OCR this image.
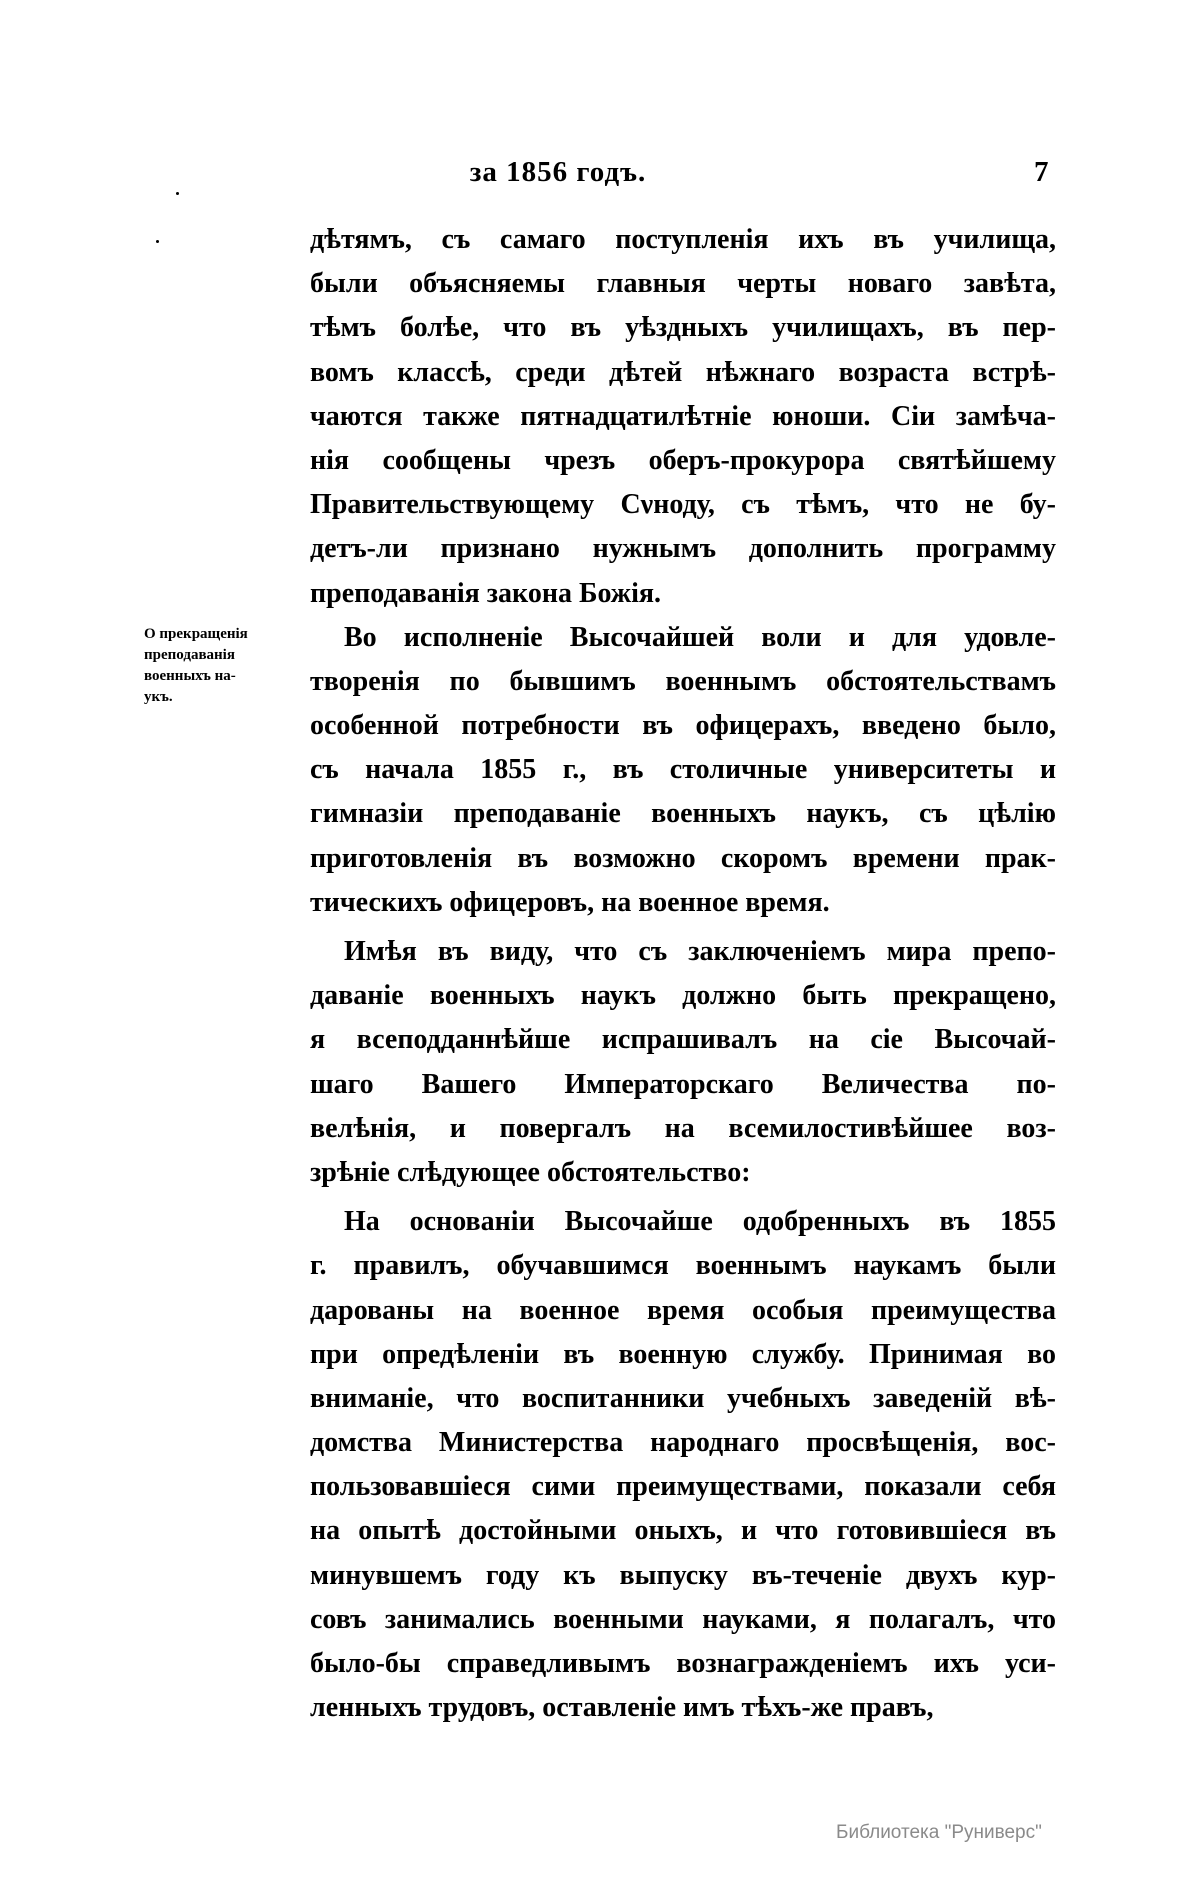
за 1856 годъ.	7
О прекращенія
преподаванія
военныхъ на-
укъ.
дѣтямъ, съ самаго поступленія ихъ въ училища,
были объясняемы главныя черты новаго завѣта,
тѣмъ болѣе, что въ уѣздныхъ училищахъ, въ пер-
вомъ классѣ, среди дѣтей нѣжнаго возраста встрѣ-
чаются также пятнадцатилѣтніе юноши. Сіи замѣча-
нія сообщены чрезъ оберъ-прокурора святѣйшему
Правительствующему Сνноду, съ тѣмъ, что не бу-
детъ-ли признано нужнымъ дополнить программу
преподаванія закона Божія.
Во исполненіе Высочайшей воли и для удовле-
творенія по бывшимъ военнымъ обстоятельствамъ
особенной потребности въ офицерахъ, введено было,
съ начала 1855 г., въ столичные университеты и
гимназіи преподаваніе военныхъ наукъ, съ цѣлію
приготовленія въ возможно скоромъ времени прак-
тическихъ офицеровъ, на военное время.
Имѣя въ виду, что съ заключеніемъ мира препо-
даваніе военныхъ наукъ должно быть прекращено,
я всеподданнѣйше испрашивалъ на сіе Высочай-
шаго Вашего Императорскаго Величества по-
велѣнія, и повергалъ на всемилостивѣйшее воз-
зрѣніе слѣдующее обстоятельство:
На основаніи Высочайше одобренныхъ въ 1855
г. правилъ, обучавшимся военнымъ наукамъ были
дарованы на военное время особыя преимущества
при опредѣленіи въ военную службу. Принимая во
вниманіе, что воспитанники учебныхъ заведеній вѣ-
домства Министерства народнаго просвѣщенія, вос-
пользовавшіеся сими преимуществами, показали себя
на опытѣ достойными оныхъ, и что готовившіеся въ
минувшемъ году къ выпуску въ-теченіе двухъ кур-
совъ занимались военными науками, я полагалъ, что
было-бы справедливымъ вознагражденіемъ ихъ уси-
ленныхъ трудовъ, оставленіе имъ тѣхъ-же правъ,
Библиотека "Руниверс"
